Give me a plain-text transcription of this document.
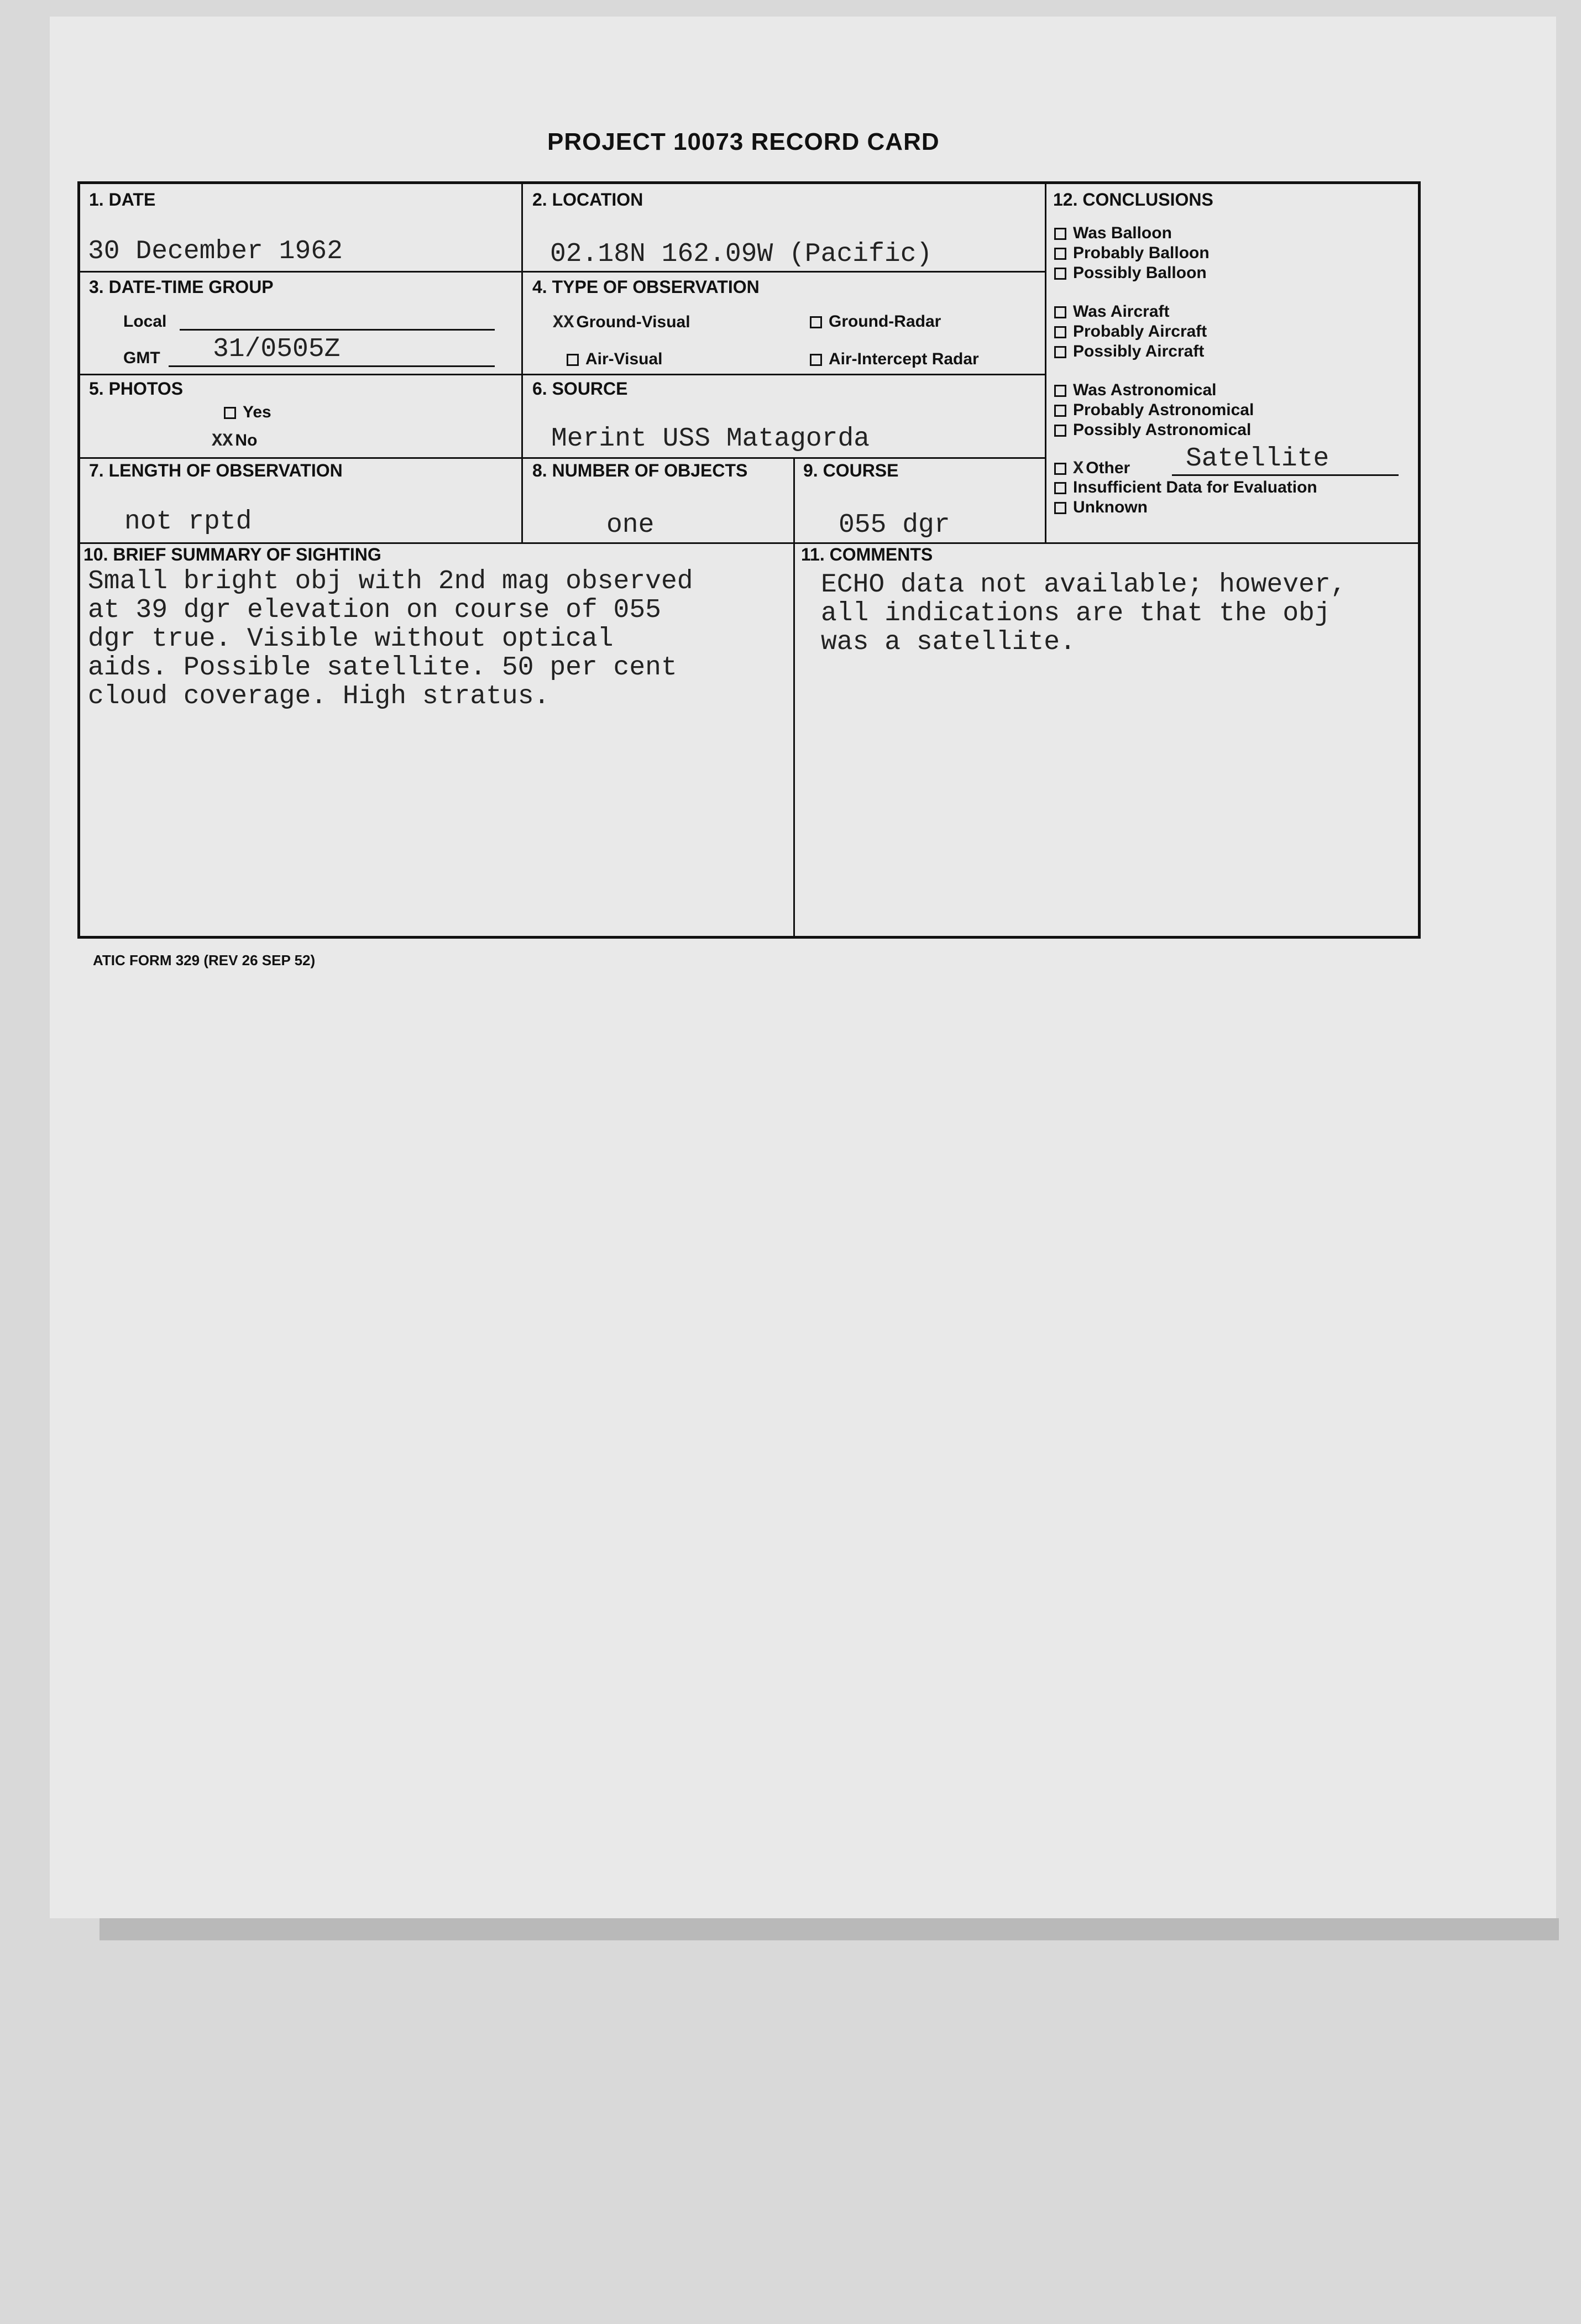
PROJECT 10073 RECORD CARD
1. DATE
30 December 1962
2. LOCATION
02.18N 162.09W (Pacific)
3. DATE-TIME GROUP
Local
GMT 31/0505Z
4. TYPE OF OBSERVATION
XX Ground-Visual	Ground-Radar
Air-Visual	Air-Intercept Radar
5. PHOTOS
Yes
XX No
6. SOURCE
Merint USS Matagorda
7. LENGTH OF OBSERVATION
not rptd
8. NUMBER OF OBJECTS
one
9. COURSE
055 dgr
10. BRIEF SUMMARY OF SIGHTING
Small bright obj with 2nd mag observed
at 39 dgr elevation on course of 055
dgr true. Visible without optical
aids. Possible satellite. 50 per cent
cloud coverage. High stratus.
11. COMMENTS
ECHO data not available; however,
all indications are that the obj
was a satellite.
12. CONCLUSIONS
Was Balloon
Probably Balloon
Possibly Balloon
Was Aircraft
Probably Aircraft
Possibly Aircraft
Was Astronomical
Probably Astronomical
Possibly Astronomical
X Other
Insufficient Data for Evaluation
Unknown
Satellite
ATIC FORM 329 (REV 26 SEP 52)
